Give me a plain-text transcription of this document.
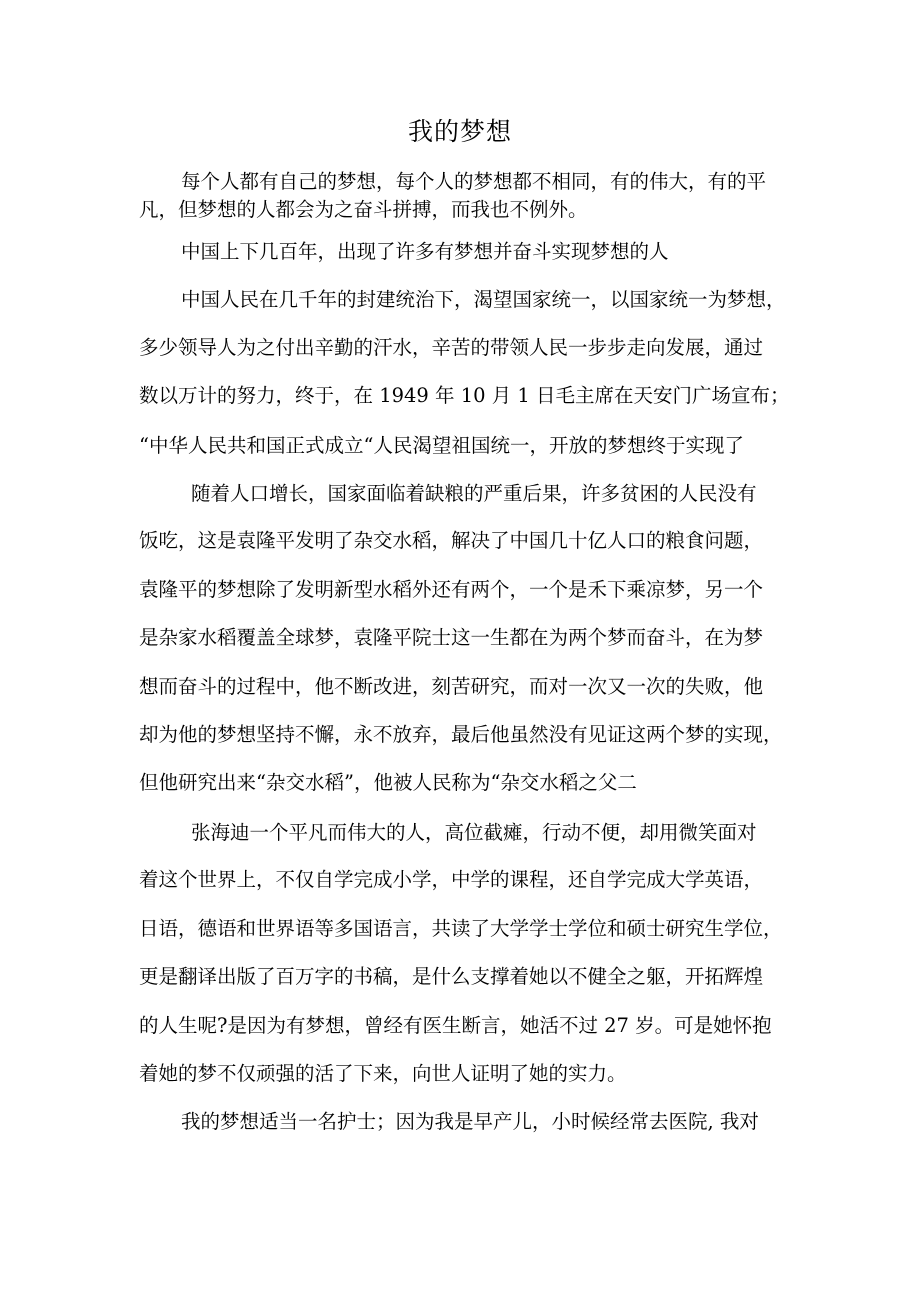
我的梦想
每个人都有自己的梦想，每个人的梦想都不相同，有的伟大，有的平
凡，但梦想的人都会为之奋斗拼搏，而我也不例外。
中国上下几百年，出现了许多有梦想并奋斗实现梦想的人
中国人民在几千年的封建统治下，渴望国家统一，以国家统一为梦想，
多少领导人为之付出辛勤的汗水，辛苦的带领人民一步步走向发展，通过
数以万计的努力，终于，在 1949 年 10 月 1 日毛主席在天安门广场宣布；
“中华人民共和国正式成立“人民渴望祖国统一，开放的梦想终于实现了
随着人口增长，国家面临着缺粮的严重后果，许多贫困的人民没有
饭吃，这是袁隆平发明了杂交水稻，解决了中国几十亿人口的粮食问题，
袁隆平的梦想除了发明新型水稻外还有两个，一个是禾下乘凉梦，另一个
是杂家水稻覆盖全球梦，袁隆平院士这一生都在为两个梦而奋斗，在为梦
想而奋斗的过程中，他不断改进，刻苦研究，而对一次又一次的失败，他
却为他的梦想坚持不懈，永不放弃，最后他虽然没有见证这两个梦的实现，
但他研究出来“杂交水稻”，他被人民称为“杂交水稻之父二
张海迪一个平凡而伟大的人，高位截瘫，行动不便，却用微笑面对
着这个世界上，不仅自学完成小学，中学的课程，还自学完成大学英语，
日语，德语和世界语等多国语言，共读了大学学士学位和硕士研究生学位，
更是翻译出版了百万字的书稿，是什么支撑着她以不健全之躯，开拓辉煌
的人生呢?是因为有梦想，曾经有医生断言，她活不过 27 岁。可是她怀抱
着她的梦不仅顽强的活了下来，向世人证明了她的实力。
我的梦想适当一名护士；因为我是早产儿，小时候经常去医院, 我对
